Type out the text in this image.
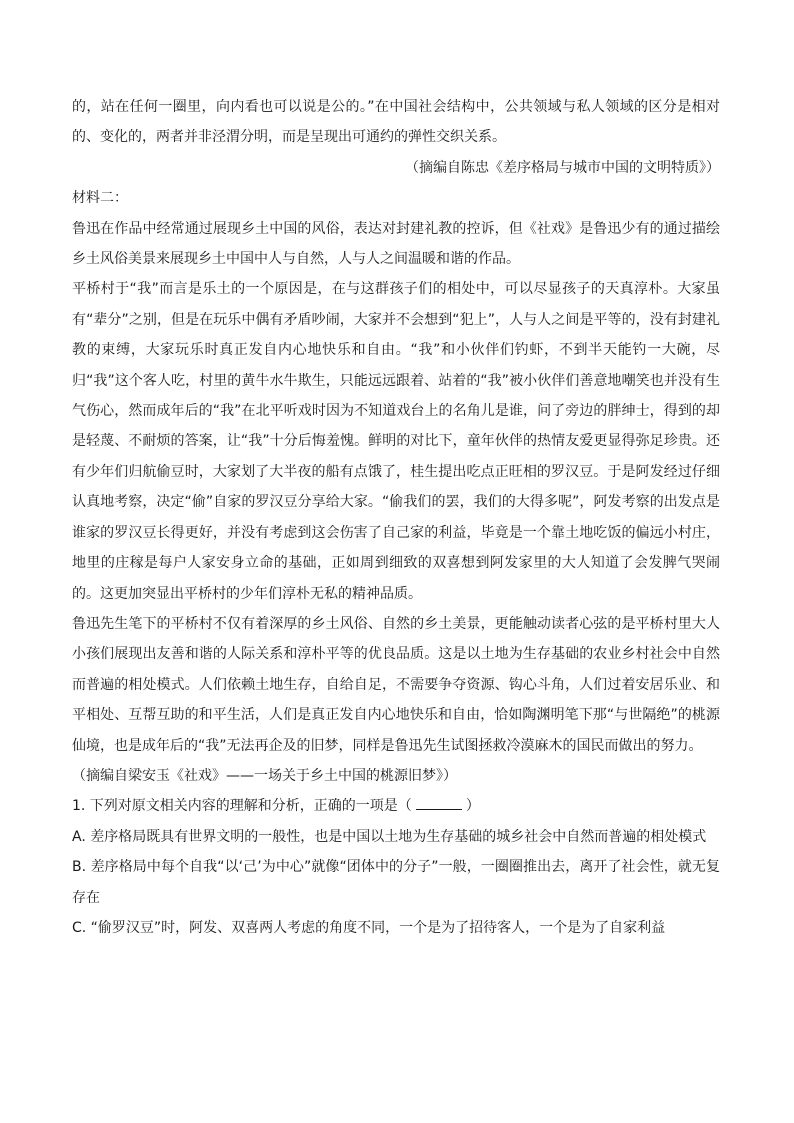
的，站在任何一圈里，向内看也可以说是公的。”在中国社会结构中，公共领域与私人领域的区分是相对的、变化的，两者并非泾渭分明，而是呈现出可通约的弹性交织关系。

（摘编自陈忠《差序格局与城市中国的文明特质》）

材料二：

鲁迅在作品中经常通过展现乡土中国的风俗，表达对封建礼教的控诉，但《社戏》是鲁迅少有的通过描绘乡土风俗美景来展现乡土中国中人与自然，人与人之间温暖和谐的作品。

平桥村于“我”而言是乐土的一个原因是，在与这群孩子们的相处中，可以尽显孩子的天真淳朴。大家虽有“辈分”之别，但是在玩乐中偶有矛盾吵闹，大家并不会想到“犯上”，人与人之间是平等的，没有封建礼教的束缚，大家玩乐时真正发自内心地快乐和自由。“我”和小伙伴们钓虾，不到半天能钓一大碗，尽归“我”这个客人吃，村里的黄牛水牛欺生，只能远远跟着、站着的“我”被小伙伴们善意地嘲笑也并没有生气伤心，然而成年后的“我”在北平听戏时因为不知道戏台上的名角儿是谁，问了旁边的胖绅士，得到的却是轻蔑、不耐烦的答案，让“我”十分后悔羞愧。鲜明的对比下，童年伙伴的热情友爱更显得弥足珍贵。还有少年们归航偷豆时，大家划了大半夜的船有点饿了，桂生提出吃点正旺相的罗汉豆。于是阿发经过仔细认真地考察，决定“偷”自家的罗汉豆分享给大家。“偷我们的罢，我们的大得多呢”，阿发考察的出发点是谁家的罗汉豆长得更好，并没有考虑到这会伤害了自己家的利益，毕竟是一个靠土地吃饭的偏远小村庄，地里的庄稼是每户人家安身立命的基础，正如周到细致的双喜想到阿发家里的大人知道了会发脾气哭闹的。这更加突显出平桥村的少年们淳朴无私的精神品质。

鲁迅先生笔下的平桥村不仅有着深厚的乡土风俗、自然的乡土美景，更能触动读者心弦的是平桥村里大人小孩们展现出友善和谐的人际关系和淳朴平等的优良品质。这是以土地为生存基础的农业乡村社会中自然而普遍的相处模式。人们依赖土地生存，自给自足，不需要争夺资源、钩心斗角，人们过着安居乐业、和平相处、互帮互助的和平生活，人们是真正发自内心地快乐和自由，恰如陶渊明笔下那“与世隔绝”的桃源仙境，也是成年后的“我”无法再企及的旧梦，同样是鲁迅先生试图拯救冷漠麻木的国民而做出的努力。

（摘编自梁安玉《社戏》——一场关于乡土中国的桃源旧梦》）

1. 下列对原文相关内容的理解和分析，正确的一项是（	）

A. 差序格局既具有世界文明的一般性，也是中国以土地为生存基础的城乡社会中自然而普遍的相处模式

B. 差序格局中每个自我“以‘己’为中心”就像“团体中的分子”一般，一圈圈推出去，离开了社会性，就无复存在

C. “偷罗汉豆”时，阿发、双喜两人考虑的角度不同，一个是为了招待客人，一个是为了自家利益
